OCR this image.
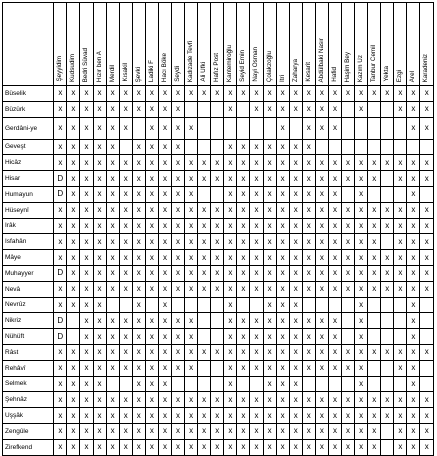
	Şeyyidim	Kudsudim	Bedri Süvad	Hızır ben A	Merdil	Kısakil	Şevki	Ladiki F	Hacı Böke	Seydi	Kadızade Tevfi	Ali Ufki	Hafız Post	Kantemiroğlu	Seyid Emin	Nayi Osman	Çolakzoğlu	Itri	Zaharya	Kesarit	Abdülbaki Nasır	Hafid	Haşim Bey	Kazım Uz	Tanbur Cemil	Yekta	Ezgi	Arel	Karadeniz

Büselik	x	x	x	x	x	x	x	x	x	x	x	x	x	x	x	x	x	x	x	x	x	x	x	x	x	x	x	x	x
Büzürk	x	x	x	x	x	x	x	x	x	x				x		x	x	x	x	x	x	x		x			x	x	x
Gerdâni-ye	x	x	x	x	x	x		x	x	x	x							x		x	x	x						x	x
Geveşt	x	x	x	x	x		x	x	x	x				x	x	x	x	x	x	x									
Hicâz	x	x	x	x	x	x	x	x	x	x	x	x	x	x	x	x	x	x	x	x	x	x	x	x	x	x	x	x	x
Hisar	D	x	x	x	x	x	x	x	x	x	x	x	x	x	x	x	x	x	x	x	x	x	x	x	x		x	x	x
Humayun	D	x	x	x	x	x	x	x	x	x	x			x	x	x	x	x	x	x	x	x		x				x	
Hüseynî	x	x	x	x	x	x	x	x	x	x	x	x	x	x	x	x	x	x	x	x	x	x	x	x	x	x	x	x	x
Irâk	x	x	x	x	x	x	x	x	x	x	x	x	x	x	x	x	x	x	x	x	x	x	x	x	x	x	x	x	x
Isfahân	x	x	x	x	x	x	x	x	x	x	x	x	x	x	x	x	x	x	x	x	x	x	x	x	x		x	x	x
Mâye	x	x	x	x	x	x	x	x	x	x	x	x	x	x	x	x	x	x	x	x	x	x	x	x	x	x	x	x	x
Muhayyer	D	x	x	x	x	x	x	x	x	x	x	x	x	x	x	x	x	x	x	x	x	x	x	x	x	x	x	x	x
Nevâ	x	x	x	x	x	x	x	x	x	x	x	x	x	x	x	x	x	x	x	x	x	x	x	x	x	x	x	x	x
Nevrûz	x	x	x	x			x		x					x			x	x	x					x				x	
Nikriz	D		x	x	x	x	x	x	x	x	x			x	x	x	x	x	x	x	x	x		x				x	
Nühüft	D		x	x	x	x	x	x	x	x	x			x	x	x	x	x	x	x	x	x		x				x	
Râst	x	x	x	x	x	x	x	x	x	x	x	x	x	x	x	x	x	x	x	x	x	x	x	x	x	x	x	x	x
Rehâvî	x	x	x	x	x	x	x	x	x	x	x			x	x	x	x	x	x	x	x	x	x	x			x	x	
Selmek	x	x	x	x			x	x	x					x			x	x	x					x				x	
Şehnâz	x	x	x	x	x	x	x	x	x	x	x	x	x	x	x	x	x	x	x	x	x	x	x	x	x	x	x	x	x
Uşşâk	x	x	x	x	x	x	x	x	x	x	x	x	x	x	x	x	x	x	x	x	x	x	x	x	x	x	x	x	x
Zengûle	x	x	x	x	x	x	x	x	x	x	x	x	x	x	x	x	x	x	x	x	x	x	x	x	x		x	x	x
Zirefkend	x	x	x	x	x	x	x	x	x	x	x	x	x	x	x	x	x	x	x	x	x	x	x	x	x		x	x	x
